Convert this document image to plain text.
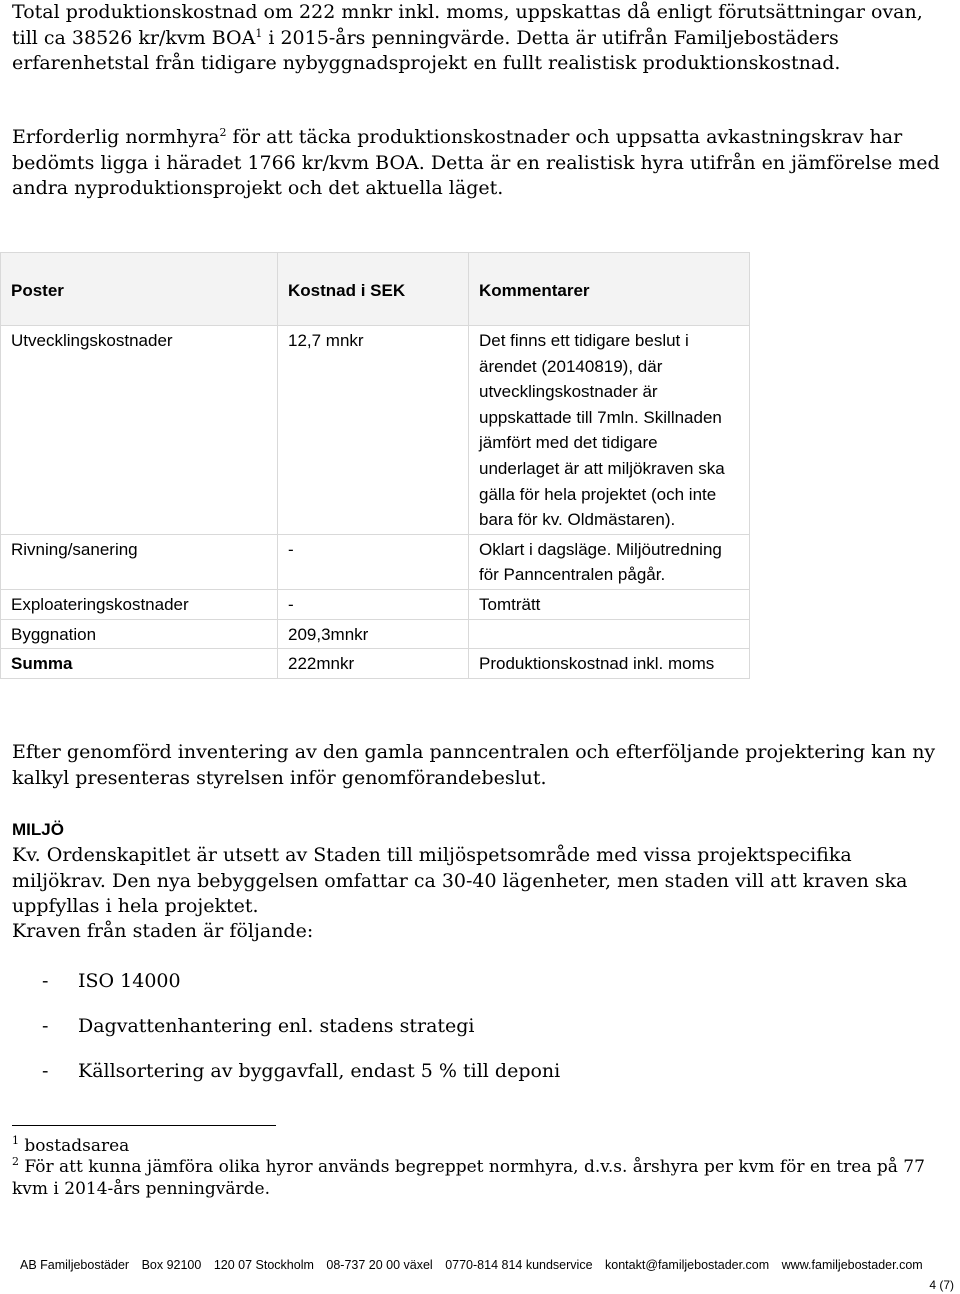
Total produktionskostnad om 222 mnkr inkl. moms, uppskattas då enligt förutsättningar ovan, till ca 38526 kr/kvm BOA$^1$ i 2015-års penningvärde. Detta är utifrån Familjebostäders erfarenhetstal från tidigare nybyggnadsprojekt en fullt realistisk produktionskostnad.

Erforderlig normhyra$^2$ för att täcka produktionskostnader och uppsatta avkastningskrav har bedömts ligga i häradet 1766 kr/kvm BOA. Detta är en realistisk hyra utifrån en jämförelse med andra nyproduktionsprojekt och det aktuella läget.

Poster	Kostnad i SEK	Kommentarer
Utvecklingskostnader	12,7 mnkr	Det finns ett tidigare beslut i ärendet (20140819), där utvecklingskostnader är uppskattade till 7mln. Skillnaden jämfört med det tidigare underlaget är att miljökraven ska gälla för hela projektet (och inte bara för kv. Oldmästaren).
Rivning/sanering	-	Oklart i dagsläge. Miljöutredning för Panncentralen pågår.
Exploateringskostnader	-	Tomträtt
Byggnation	209,3mnkr	
Summa	222mnkr	Produktionskostnad inkl. moms

Efter genomförd inventering av den gamla panncentralen och efterföljande projektering kan ny kalkyl presenteras styrelsen inför genomförandebeslut.

MILJÖ

Kv. Ordenskapitlet är utsett av Staden till miljöspetsområde med vissa projektspecifika miljökrav. Den nya bebyggelsen omfattar ca 30-40 lägenheter, men staden vill att kraven ska uppfyllas i hela projektet.

Kraven från staden är följande:

- ISO 14000
- Dagvattenhantering enl. stadens strategi
- Källsortering av byggavfall, endast 5 % till deponi

$^1$ bostadsarea

$^2$ För att kunna jämföra olika hyror används begreppet normhyra, d.v.s. årshyra per kvm för en trea på 77 kvm i 2014-års penningvärde.

AB Familjebostäder Box 92100 120 07 Stockholm 08-737 20 00 växel 0770-814 814 kundservice kontakt@familjebostader.com www.familjebostader.com
4 (7)
